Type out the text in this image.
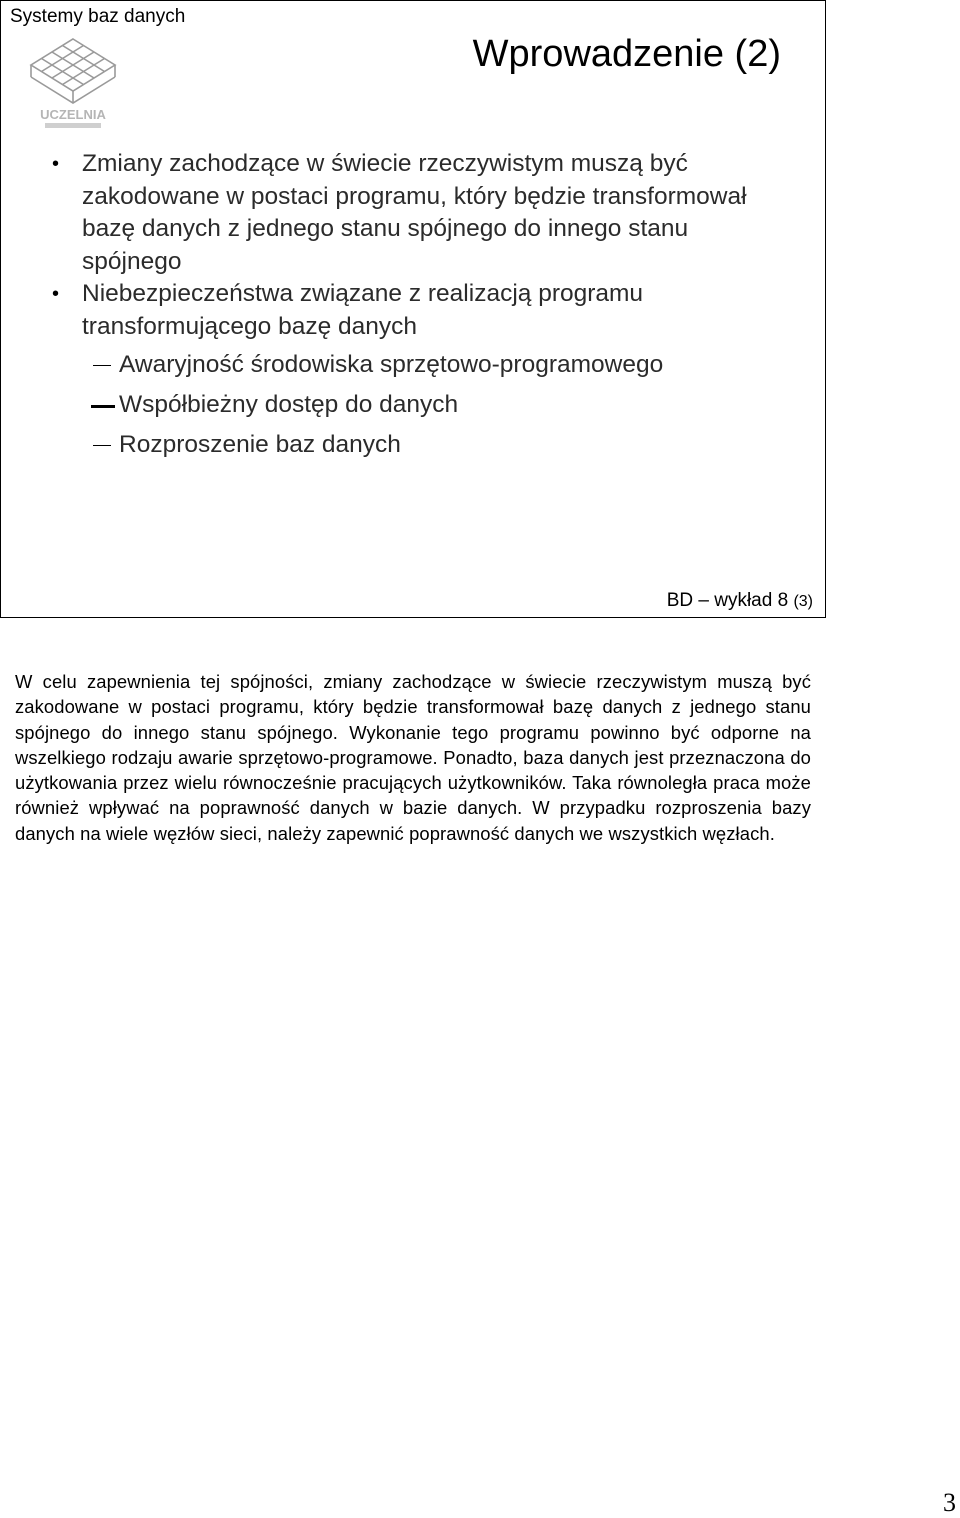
Systemy baz danych
UCZELNIA
Wprowadzenie (2)
• Zmiany zachodzące w świecie rzeczywistym muszą być zakodowane w postaci programu, który będzie transformował bazę danych z jednego stanu spójnego do innego stanu spójnego
• Niebezpieczeństwa związane z realizacją programu transformującego bazę danych
Awaryjność środowiska sprzętowo-programowego
Współbieżny dostęp do danych
Rozproszenie baz danych
BD – wykład 8 (3)
W celu zapewnienia tej spójności, zmiany zachodzące w świecie rzeczywistym muszą być zakodowane w postaci programu, który będzie transformował bazę danych z jednego stanu spójnego do innego stanu spójnego. Wykonanie tego programu powinno być odporne na wszelkiego rodzaju awarie sprzętowo-programowe. Ponadto, baza danych jest przeznaczona do użytkowania przez wielu równocześnie pracujących użytkowników. Taka równoległa praca może również wpływać na poprawność danych w bazie danych. W przypadku rozproszenia bazy danych na wiele węzłów sieci, należy zapewnić poprawność danych we wszystkich węzłach.
3
